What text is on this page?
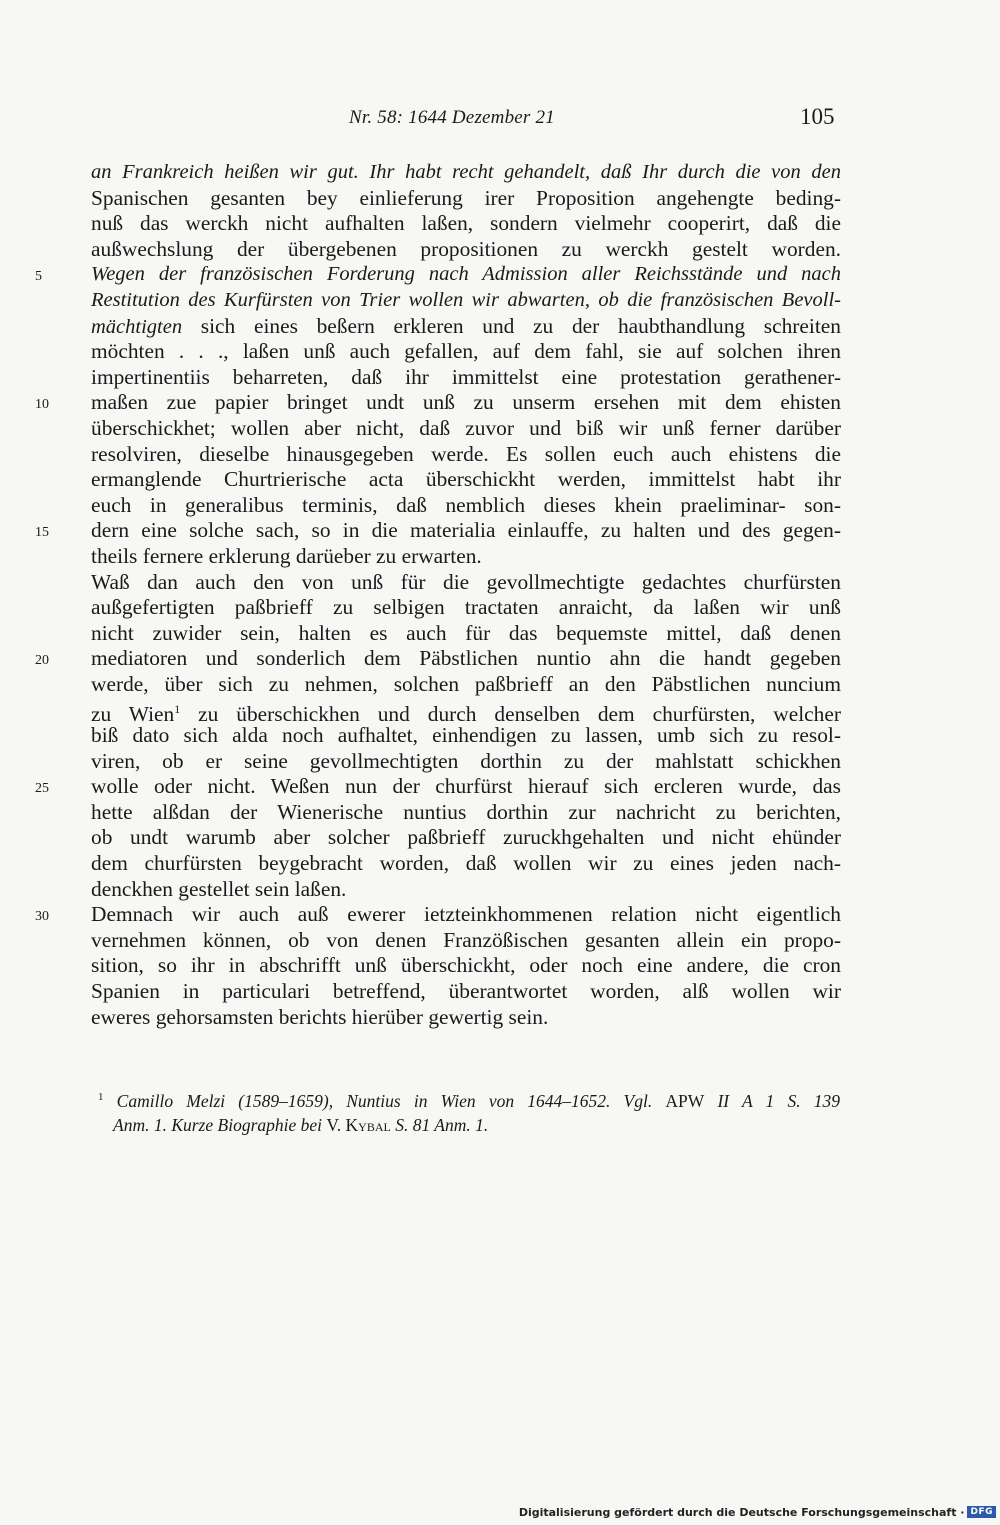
Nr. 58: 1644 Dezember 21	105
an Frankreich heißen wir gut. Ihr habt recht gehandelt, daß Ihr durch die von den
Spanischen gesanten bey einlieferung irer Proposition angehengte beding-
nuß das werckh nicht aufhalten laßen, sondern vielmehr cooperirt, daß die
außwechslung der übergebenen propositionen zu werckh gestelt worden.
5	Wegen der französischen Forderung nach Admission aller Reichsstände und nach
Restitution des Kurfürsten von Trier wollen wir abwarten, ob die französischen Bevoll-
mächtigten sich eines beßern erkleren und zu der haubthandlung schreiten
möchten . . ., laßen unß auch gefallen, auf dem fahl, sie auf solchen ihren
impertinentiis beharreten, daß ihr immittelst eine protestation gerathener-
10 maßen zue papier bringet undt unß zu unserm ersehen mit dem ehisten
überschickhet; wollen aber nicht, daß zuvor und biß wir unß ferner darüber
resolviren, dieselbe hinausgegeben werde. Es sollen euch auch ehistens die
ermanglende Churtrierische acta überschickht werden, immittelst habt ihr
euch in generalibus terminis, daß nemblich dieses khein praeliminar- son-
15 dern eine solche sach, so in die materialia einlauffe, zu halten und des gegen-
theils fernere erklerung darüeber zu erwarten.
Waß dan auch den von unß für die gevollmechtigte gedachtes churfürsten
außgefertigten paßbrieff zu selbigen tractaten anraicht, da laßen wir unß
nicht zuwider sein, halten es auch für das bequemste mittel, daß denen
20 mediatoren und sonderlich dem Päbstlichen nuntio ahn die handt gegeben
werde, über sich zu nehmen, solchen paßbrieff an den Päbstlichen nuncium
zu Wien$^1$ zu überschickhen und durch denselben dem churfürsten, welcher
biß dato sich alda noch aufhaltet, einhendigen zu lassen, umb sich zu resol-
viren, ob er seine gevollmechtigten dorthin zu der mahlstatt schickhen
25 wolle oder nicht. Weßen nun der churfürst hierauf sich ercleren wurde, das
hette alßdan der Wienerische nuntius dorthin zur nachricht zu berichten,
ob undt warumb aber solcher paßbrieff zuruckhgehalten und nicht ehünder
dem churfürsten beygebracht worden, daß wollen wir zu eines jeden nach-
denckhen gestellet sein laßen.
30 Demnach wir auch auß ewerer ietzteinkhommenen relation nicht eigentlich
vernehmen können, ob von denen Franzößischen gesanten allein ein propo-
sition, so ihr in abschrifft unß überschickht, oder noch eine andere, die cron
Spanien in particulari betreffend, überantwortet worden, alß wollen wir
eweres gehorsamsten berichts hierüber gewertig sein.
$^1$ Camillo Melzi (1589–1659), Nuntius in Wien von 1644–1652. Vgl. APW II A 1 S. 139
Anm. 1. Kurze Biographie bei V. Kybal S. 81 Anm. 1.
Digitalisierung gefördert durch die Deutsche Forschungsgemeinschaft · DFG
